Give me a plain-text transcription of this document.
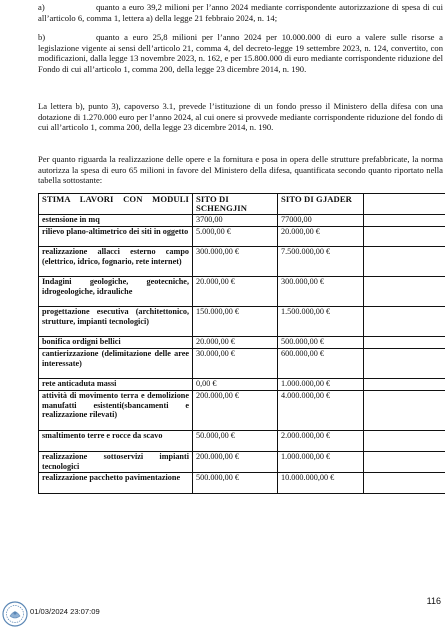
a)	quanto a euro 39,2 milioni per l’anno 2024 mediante corrispondente autorizzazione di spesa di cui all’articolo 6, comma 1, lettera a) della legge 21 febbraio 2024, n. 14;
b)	quanto a euro 25,8 milioni per l’anno 2024 per 10.000.000 di euro a valere sulle risorse a legislazione vigente ai sensi dell’articolo 21, comma 4, del decreto-legge 19 settembre 2023, n. 124, convertito, con modificazioni, dalla legge 13 novembre 2023, n. 162, e per 15.800.000 di euro mediante corrispondente riduzione del Fondo di cui all’articolo 1, comma 200, della legge 23 dicembre 2014, n. 190.
La lettera b), punto 3), capoverso 3.1, prevede l’istituzione di un fondo presso il Ministero della difesa con una dotazione di 1.270.000 euro per l’anno 2024, al cui onere si provvede mediante corrispondente riduzione del fondo di cui all’articolo 1, comma 200, della legge 23 dicembre 2014, n. 190.
Per quanto riguarda la realizzazione delle opere e la fornitura e posa in opera delle strutture prefabbricate, la norma autorizza la spesa di euro 65 milioni in favore del Ministero della difesa, quantificata secondo quanto riportato nella tabella sottostante:
STIMA LAVORI CON MODULI	SITO DI SCHENGJIN	SITO DI GJADER	
estensione in mq	3700,00	77000,00	
rilievo plano-altimetrico dei siti in oggetto	5.000,00 €	20.000,00 €	
realizzazione allacci esterno campo (elettrico, idrico, fognario, rete internet)	300.000,00 €	7.500.000,00 €	
Indagini geologiche, geotecniche, idrogeologiche, idrauliche	20.000,00 €	300.000,00 €	
progettazione esecutiva (architettonico, strutture, impianti tecnologici)	150.000,00 €	1.500.000,00 €	
bonifica ordigni bellici	20.000,00 €	500.000,00 €	
cantierizzazione (delimitazione delle aree interessate)	30.000,00 €	600.000,00 €	
rete anticaduta massi	0,00 €	1.000.000,00 €	
attività di movimento terra e demolizione manufatti esistenti(sbancamenti e realizzazione rilevati)	200.000,00 €	4.000.000,00 €	
smaltimento terre e rocce da scavo	50.000,00 €	2.000.000,00 €	
realizzazione sottoservizi impianti tecnologici	200.000,00 €	1.000.000,00 €	
realizzazione pacchetto pavimentazione	500.000,00 €	10.000.000,00 €	
116
01/03/2024 23:07:09
